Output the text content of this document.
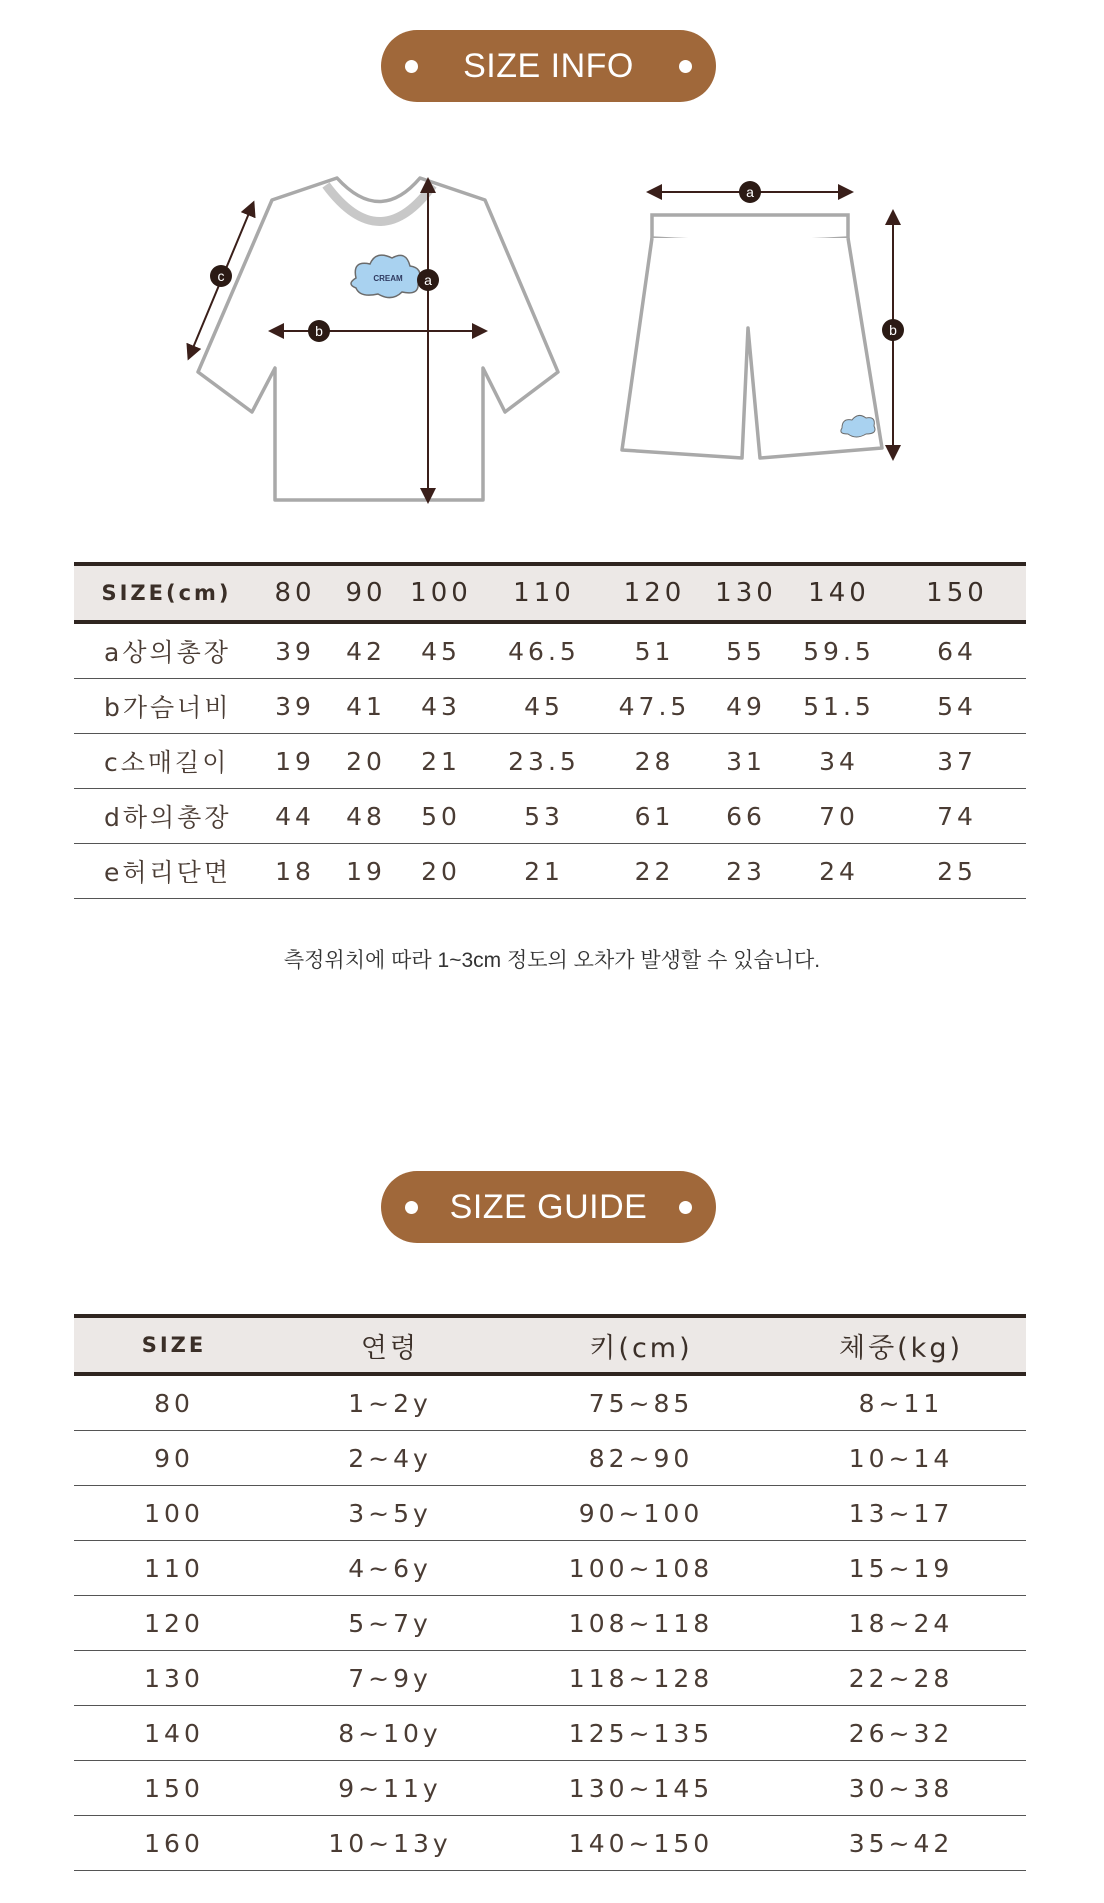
SIZE INFO
CREAM a
b
c
a
b
SIZE(cm)	80	90	100	110	120	130	140	150
a상의총장	39	42	45	46.5	51	55	59.5	64
b가슴너비	39	41	43	45	47.5	49	51.5	54
c소매길이	19	20	21	23.5	28	31	34	37
d하의총장	44	48	50	53	61	66	70	74
e허리단면	18	19	20	21	22	23	24	25
측정위치에 따라 1~3cm 정도의 오차가 발생할 수 있습니다.
SIZE GUIDE
SIZE	연령	키(cm)	체중(kg)
80	1~2y	75~85	8~11
90	2~4y	82~90	10~14
100	3~5y	90~100	13~17
110	4~6y	100~108	15~19
120	5~7y	108~118	18~24
130	7~9y	118~128	22~28
140	8~10y	125~135	26~32
150	9~11y	130~145	30~38
160	10~13y	140~150	35~42
